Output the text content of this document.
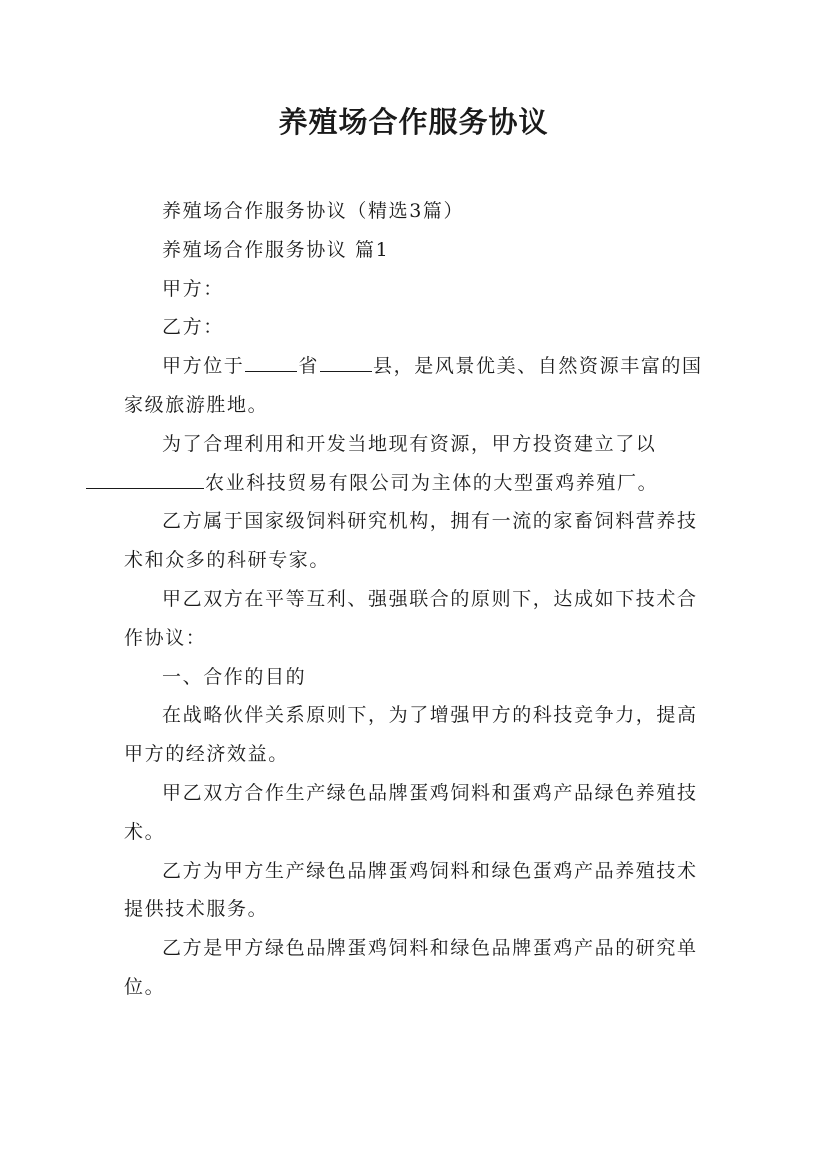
养殖场合作服务协议

养殖场合作服务协议（精选3篇）

养殖场合作服务协议 篇1

甲方：

乙方：

甲方位于	省	县，是风景优美、自然资源丰富的国家级旅游胜地。

为了合理利用和开发当地现有资源，甲方投资建立了以
农业科技贸易有限公司为主体的大型蛋鸡养殖厂。

乙方属于国家级饲料研究机构，拥有一流的家畜饲料营养技术和众多的科研专家。

甲乙双方在平等互利、强强联合的原则下，达成如下技术合作协议：

一、合作的目的

在战略伙伴关系原则下，为了增强甲方的科技竞争力，提高甲方的经济效益。

甲乙双方合作生产绿色品牌蛋鸡饲料和蛋鸡产品绿色养殖技术。

乙方为甲方生产绿色品牌蛋鸡饲料和绿色蛋鸡产品养殖技术提供技术服务。

乙方是甲方绿色品牌蛋鸡饲料和绿色品牌蛋鸡产品的研究单位。
